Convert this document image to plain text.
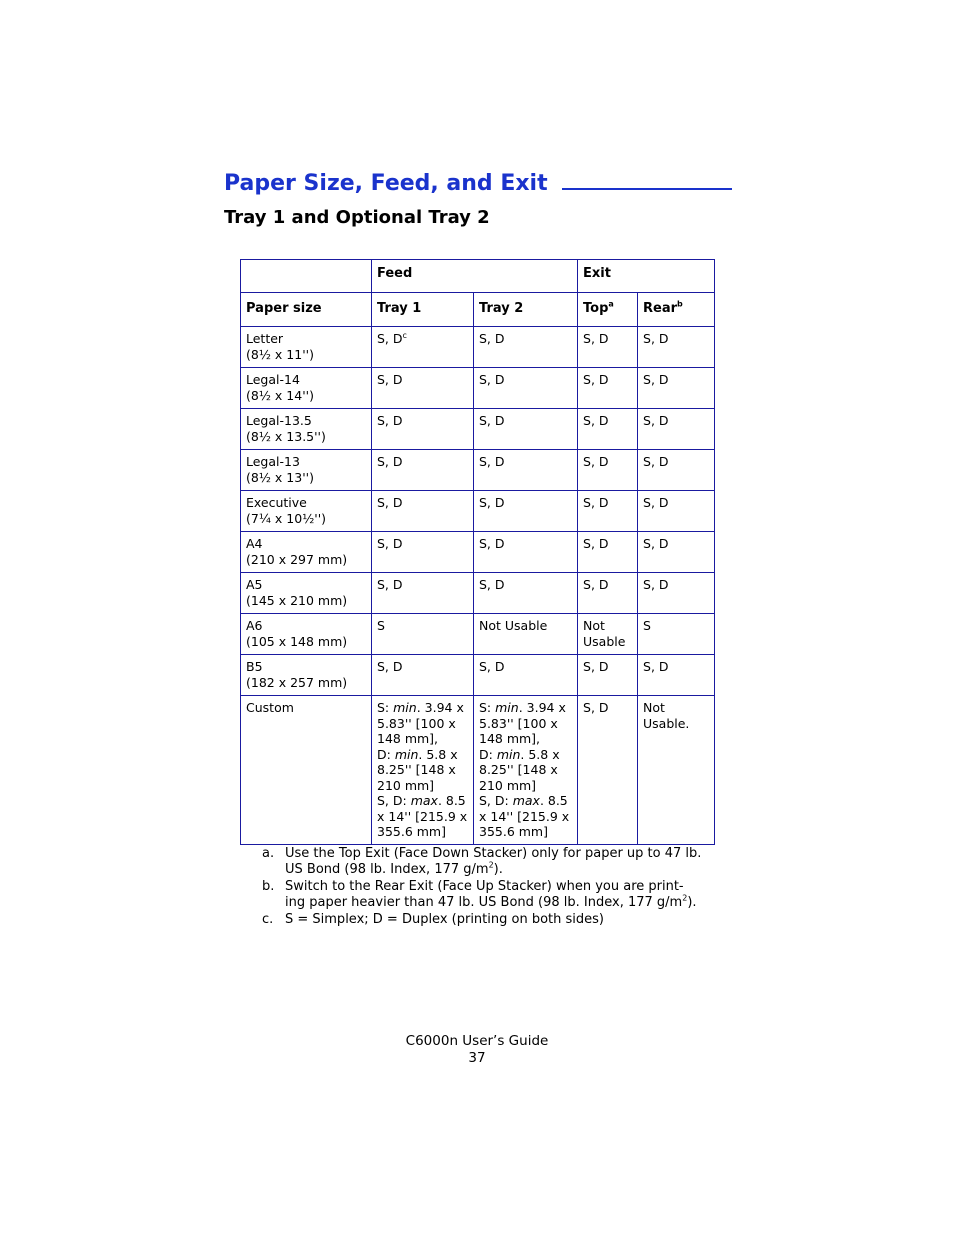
Paper Size, Feed, and Exit
Tray 1 and Optional Tray 2
	Feed		Exit	
Paper size	Tray 1	Tray 2	Top$^a$	Rear$^b$

Letter
(8½ x 11'')	S, $D^c$	S, D	S, D	S, D

Legal-14
(8½ x 14'')	S, D	S, D	S, D	S, D

Legal-13.5
(8½ x 13.5'')	S, D	S, D	S, D	S, D

Legal-13
(8½ x 13'')	S, D	S, D	S, D	S, D

Executive
(7¼ x 10½'')	S, D	S, D	S, D	S, D

A4
(210 x 297 mm)	S, D	S, D	S, D	S, D

A5
(145 x 210 mm)	S, D	S, D	S, D	S, D

A6
(105 x 148 mm)	S	Not Usable	Not Usable	S

B5
(182 x 257 mm)	S, D	S, D	S, D	S, D
Custom	S: min. 3.94 x 5.83'' [100 x 148 mm],
D: min. 5.8 x 8.25'' [148 x 210 mm]
S, D: max. 8.5 x 14'' [215.9 x 355.6 mm]	S: min. 3.94 x 5.83'' [100 x 148 mm],
D: min. 5.8 x 8.25'' [148 x 210 mm]
S, D: max. 8.5 x 14'' [215.9 x 355.6 mm]	S, D	Not Usable.
a. Use the Top Exit (Face Down Stacker) only for paper up to 47 lb. US Bond (98 lb. Index, 177 $g/m^2$).
b. Switch to the Rear Exit (Face Up Stacker) when you are print-ing paper heavier than 47 lb. US Bond (98 lb. Index, 177 $g/m^2$).
c. S = Simplex; D = Duplex (printing on both sides)
C6000n User’s Guide
37
